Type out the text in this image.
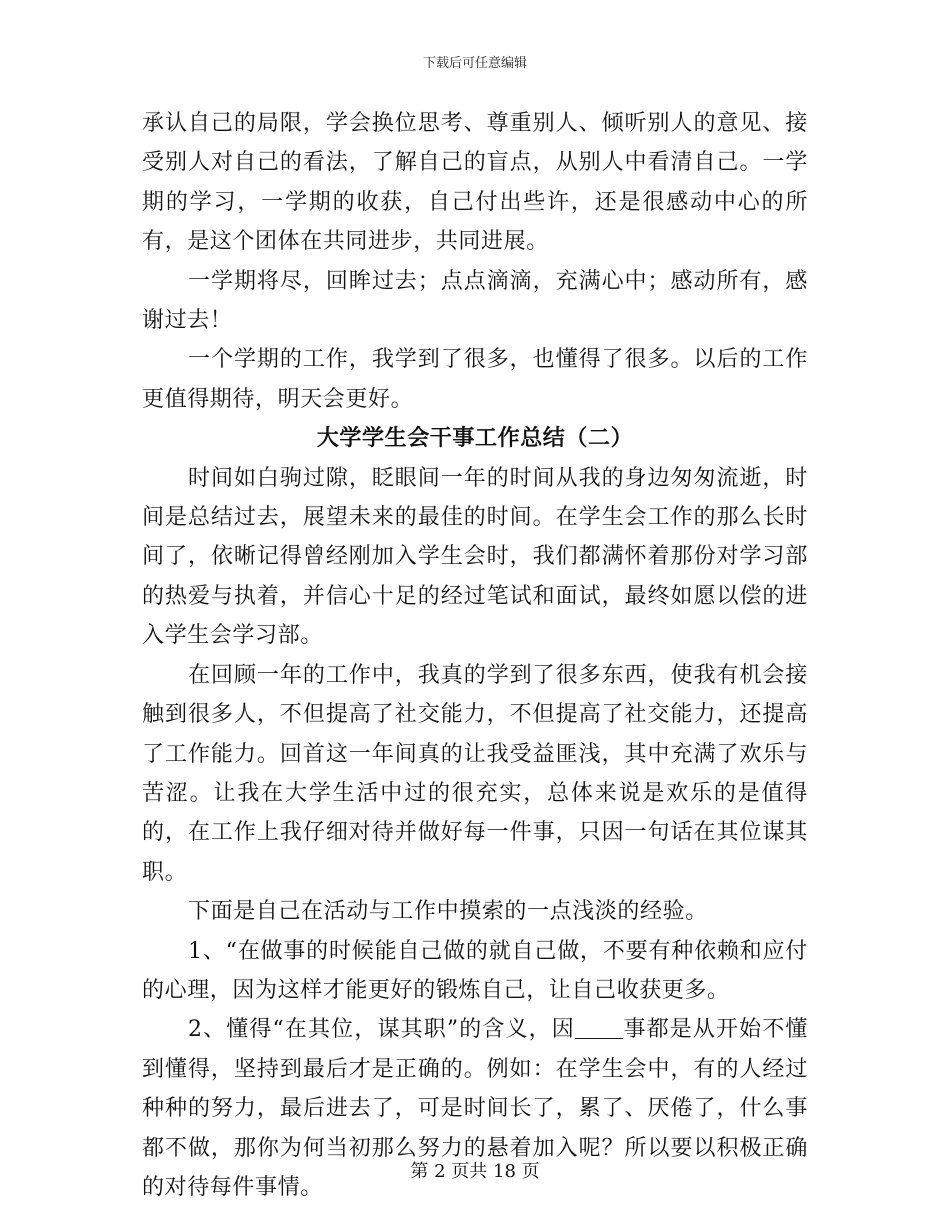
下载后可任意编辑

承认自己的局限，学会换位思考、尊重别人、倾听别人的意见、接受别人对自己的看法，了解自己的盲点，从别人中看清自己。一学期的学习，一学期的收获，自己付出些许，还是很感动中心的所有，是这个团体在共同进步，共同进展。

一学期将尽，回眸过去；点点滴滴，充满心中；感动所有，感谢过去！

一个学期的工作，我学到了很多，也懂得了很多。以后的工作更值得期待，明天会更好。

大学学生会干事工作总结（二）

时间如白驹过隙，眨眼间一年的时间从我的身边匆匆流逝，时间是总结过去，展望未来的最佳的时间。在学生会工作的那么长时间了，依晰记得曾经刚加入学生会时，我们都满怀着那份对学习部的热爱与执着，并信心十足的经过笔试和面试，最终如愿以偿的进入学生会学习部。

在回顾一年的工作中，我真的学到了很多东西，使我有机会接触到很多人，不但提高了社交能力，不但提高了社交能力，还提高了工作能力。回首这一年间真的让我受益匪浅，其中充满了欢乐与苦涩。让我在大学生活中过的很充实，总体来说是欢乐的是值得的，在工作上我仔细对待并做好每一件事，只因一句话在其位谋其职。

下面是自己在活动与工作中摸索的一点浅淡的经验。

1、“在做事的时候能自己做的就自己做，不要有种依赖和应付的心理，因为这样才能更好的锻炼自己，让自己收获更多。

2、懂得“在其位，谋其职”的含义，因 事都是从开始不懂到懂得，坚持到最后才是正确的。例如：在学生会中，有的人经过种种的努力，最后进去了，可是时间长了，累了、厌倦了，什么事都不做，那你为何当初那么努力的悬着加入呢？所以要以积极正确的对待每件事情。

第 2 页共 18 页
